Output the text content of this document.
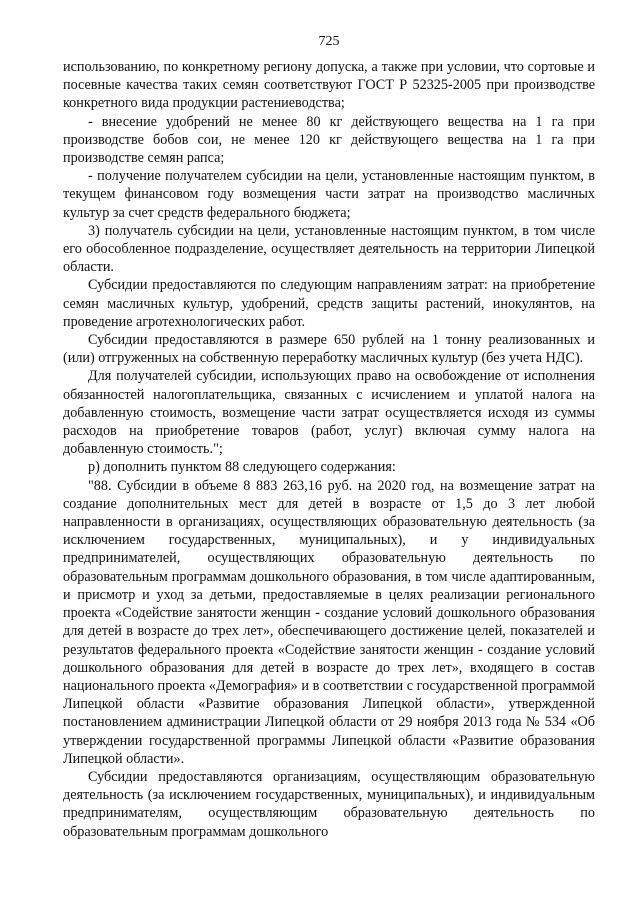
725

использованию, по конкретному региону допуска, а также при условии, что сортовые и посевные качества таких семян соответствуют ГОСТ Р 52325-2005 при производстве конкретного вида продукции растениеводства;

- внесение удобрений не менее 80 кг действующего вещества на 1 га при производстве бобов сои, не менее 120 кг действующего вещества на 1 га при производстве семян рапса;

- получение получателем субсидии на цели, установленные настоящим пунктом, в текущем финансовом году возмещения части затрат на производство масличных культур за счет средств федерального бюджета;

3) получатель субсидии на цели, установленные настоящим пунктом, в том числе его обособленное подразделение, осуществляет деятельность на территории Липецкой области.

Субсидии предоставляются по следующим направлениям затрат: на приобретение семян масличных культур, удобрений, средств защиты растений, инокулянтов, на проведение агротехнологических работ.

Субсидии предоставляются в размере 650 рублей на 1 тонну реализованных и (или) отгруженных на собственную переработку масличных культур (без учета НДС).

Для получателей субсидии, использующих право на освобождение от исполнения обязанностей налогоплательщика, связанных с исчислением и уплатой налога на добавленную стоимость, возмещение части затрат осуществляется исходя из суммы расходов на приобретение товаров (работ, услуг) включая сумму налога на добавленную стоимость.";

р) дополнить пунктом 88 следующего содержания:

"88. Субсидии в объеме 8 883 263,16 руб. на 2020 год, на возмещение затрат на создание дополнительных мест для детей в возрасте от 1,5 до 3 лет любой направленности в организациях, осуществляющих образовательную деятельность (за исключением государственных, муниципальных), и у индивидуальных предпринимателей, осуществляющих образовательную деятельность по образовательным программам дошкольного образования, в том числе адаптированным, и присмотр и уход за детьми, предоставляемые в целях реализации регионального проекта «Содействие занятости женщин - создание условий дошкольного образования для детей в возрасте до трех лет», обеспечивающего достижение целей, показателей и результатов федерального проекта «Содействие занятости женщин - создание условий дошкольного образования для детей в возрасте до трех лет», входящего в состав национального проекта «Демография» и в соответствии с государственной программой Липецкой области «Развитие образования Липецкой области», утвержденной постановлением администрации Липецкой области от 29 ноября 2013 года № 534 «Об утверждении государственной программы Липецкой области «Развитие образования Липецкой области».

Субсидии предоставляются организациям, осуществляющим образовательную деятельность (за исключением государственных, муниципальных), и индивидуальным предпринимателям, осуществляющим образовательную деятельность по образовательным программам дошкольного
